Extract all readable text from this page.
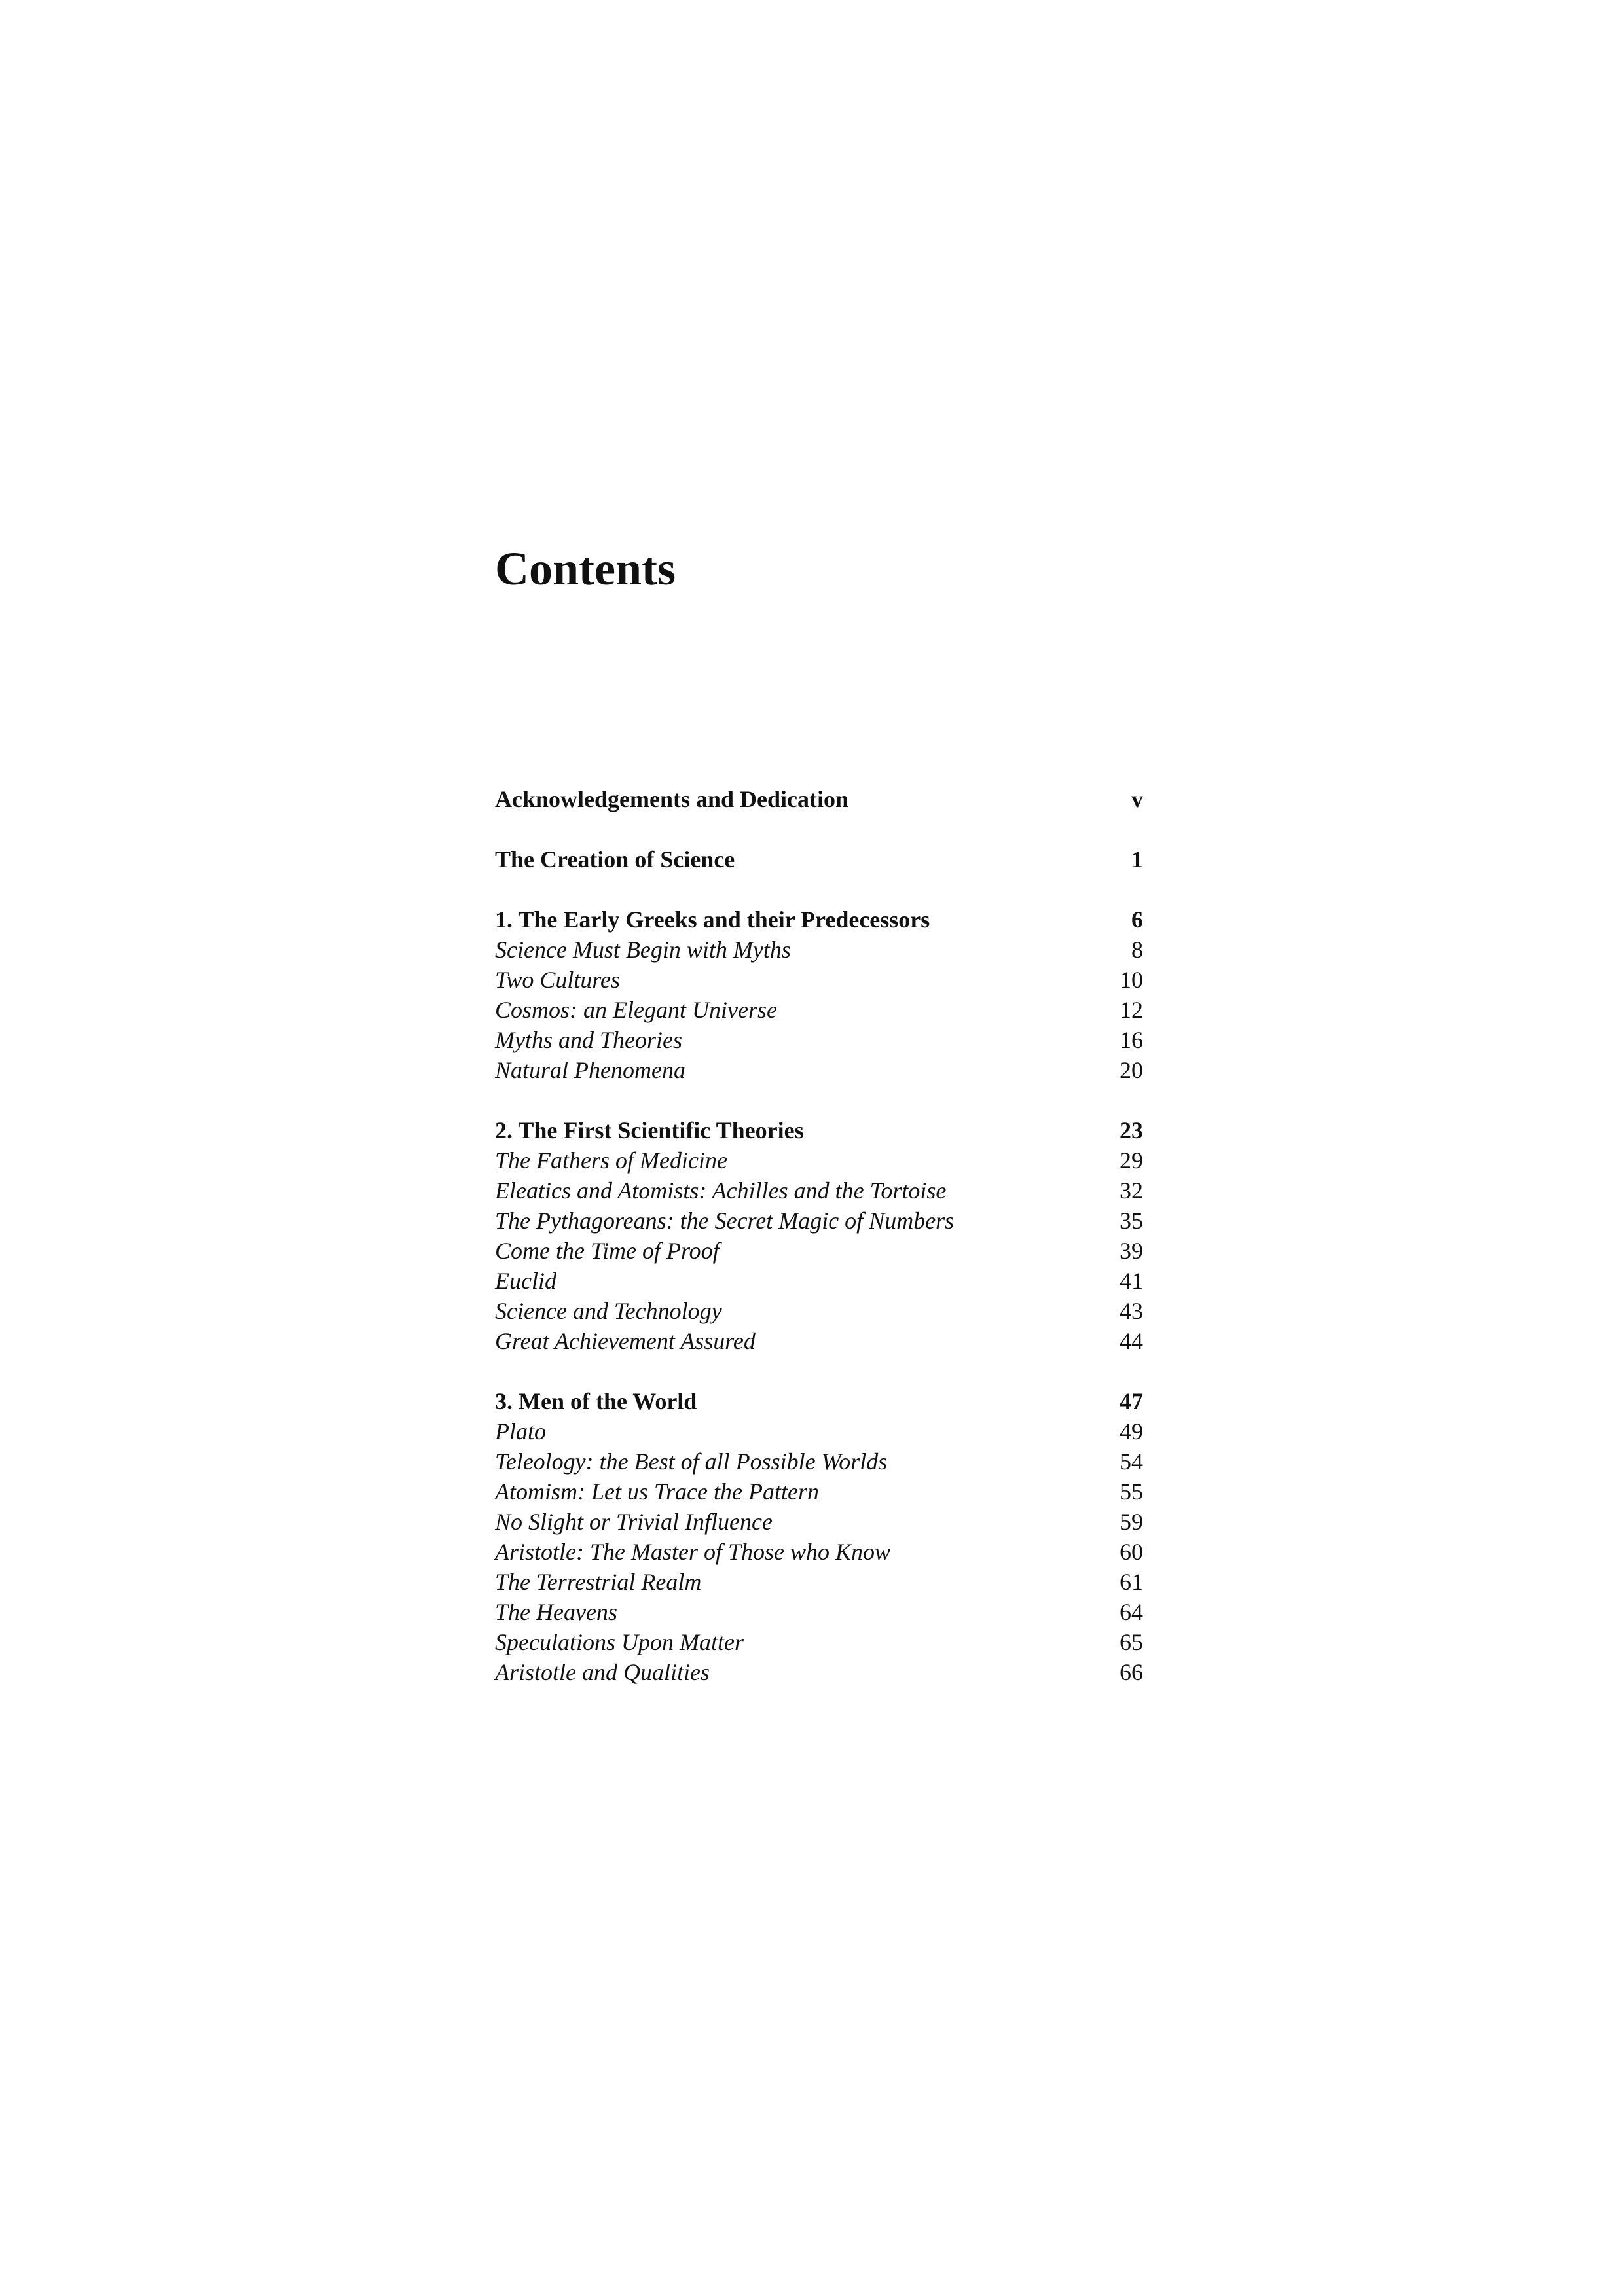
Contents
Acknowledgements and Dedication	v
The Creation of Science	1
1. The Early Greeks and their Predecessors	6
Science Must Begin with Myths	8
Two Cultures	10
Cosmos: an Elegant Universe	12
Myths and Theories	16
Natural Phenomena	20
2. The First Scientific Theories	23
The Fathers of Medicine	29
Eleatics and Atomists: Achilles and the Tortoise	32
The Pythagoreans: the Secret Magic of Numbers	35
Come the Time of Proof	39
Euclid	41
Science and Technology	43
Great Achievement Assured	44
3. Men of the World	47
Plato	49
Teleology: the Best of all Possible Worlds	54
Atomism: Let us Trace the Pattern	55
No Slight or Trivial Influence	59
Aristotle: The Master of Those who Know	60
The Terrestrial Realm	61
The Heavens	64
Speculations Upon Matter	65
Aristotle and Qualities	66
